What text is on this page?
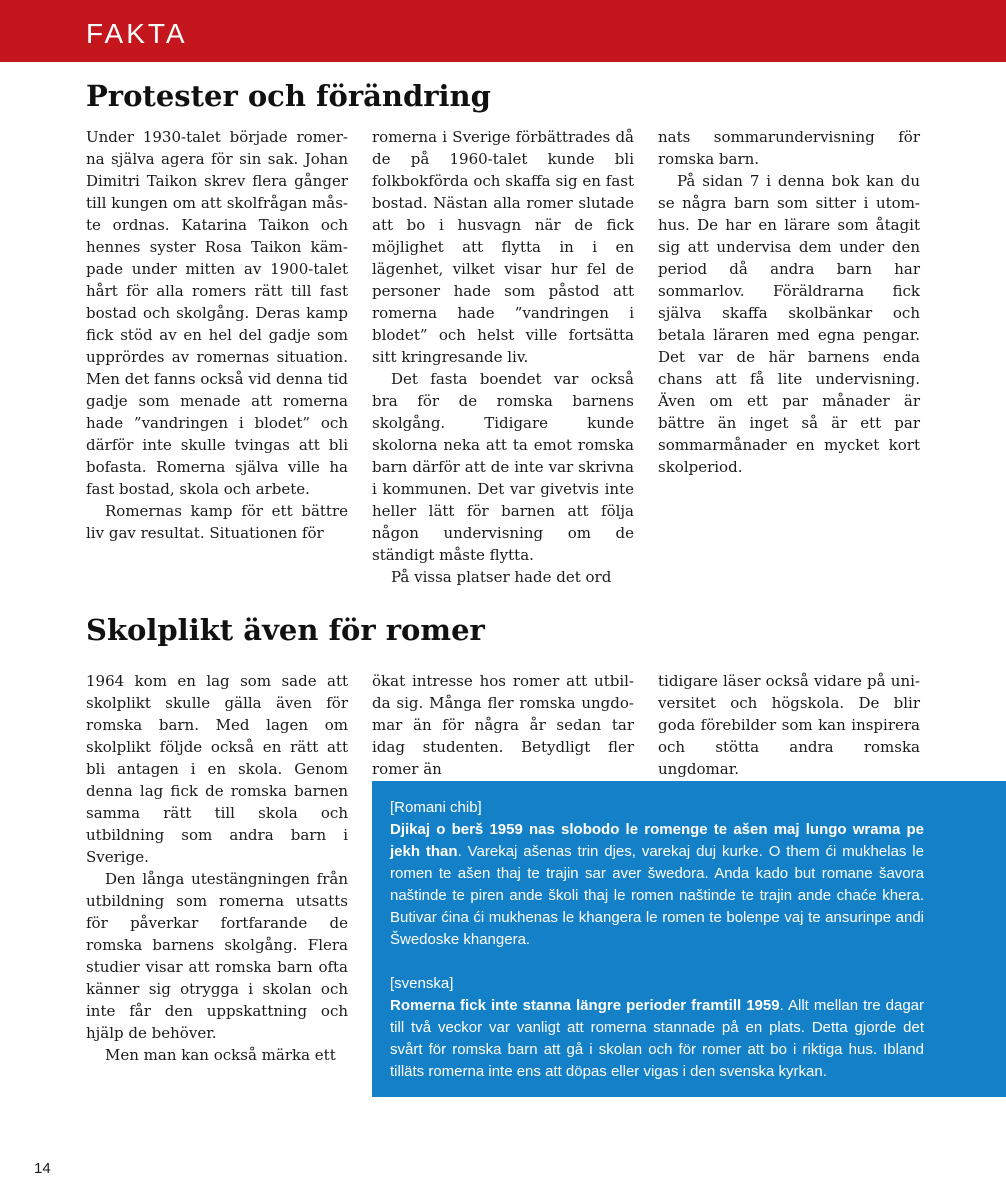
FAKTA
Protester och förändring

Under 1930-talet började romerna själva agera för sin sak. Johan Dimitri Taikon skrev flera gånger till kungen om att skolfrågan måste ordnas. Katarina Taikon och hennes syster Rosa Taikon kämpade under mitten av 1900-talet hårt för alla romers rätt till fast bostad och skolgång. Deras kamp fick stöd av en hel del gadje som upprördes av romernas situation. Men det fanns också vid denna tid gadje som menade att romerna hade ”vandringen i blodet” och därför inte skulle tvingas att bli bofasta. Romerna själva ville ha fast bostad, skola och arbete.

Romernas kamp för ett bättre liv gav resultat. Situationen för

romerna i Sverige förbättrades då de på 1960-talet kunde bli folkbokförda och skaffa sig en fast bostad. Nästan alla romer slutade att bo i husvagn när de fick möjlighet att flytta in i en lägenhet, vilket visar hur fel de personer hade som påstod att romerna hade ”vandringen i blodet” och helst ville fortsätta sitt kringresande liv.

Det fasta boendet var också bra för de romska barnens skolgång. Tidigare kunde skolorna neka att ta emot romska barn därför att de inte var skrivna i kommunen. Det var givetvis inte heller lätt för barnen att följa någon undervisning om de ständigt måste flytta.

På vissa platser hade det ord

nats sommarundervisning för romska barn.

På sidan 7 i denna bok kan du se några barn som sitter i utomhus. De har en lärare som åtagit sig att undervisa dem under den period då andra barn har sommarlov. Föräldrarna fick själva skaffa skolbänkar och betala läraren med egna pengar. Det var de här barnens enda chans att få lite undervisning. Även om ett par månader är bättre än inget så är ett par sommarmånader en mycket kort skolperiod.

Skolplikt även för romer

1964 kom en lag som sade att skolplikt skulle gälla även för romska barn. Med lagen om skolplikt följde också en rätt att bli antagen i en skola. Genom denna lag fick de romska barnen samma rätt till skola och utbildning som andra barn i Sverige.

Den långa utestängningen från utbildning som romerna utsatts för påverkar fortfarande de romska barnens skolgång. Flera studier visar att romska barn ofta känner sig otrygga i skolan och inte får den uppskattning och hjälp de behöver.

Men man kan också märka ett

ökat intresse hos romer att utbilda sig. Många fler romska ungdomar än för några år sedan tar idag studenten. Betydligt fler romer än

tidigare läser också vidare på universitet och högskola. De blir goda förebilder som kan inspirera och stötta andra romska ungdomar.

[Romani chib]

Djikaj o berš 1959 nas slobodo le romenge te ašen maj lungo wrama pe jekh than. Varekaj ašenas trin djes, varekaj duj kurke. O them ći mukhelas le romen te ašen thaj te trajin sar aver šwedora. Anda kado but romane šavora naštinde te piren ande školi thaj le romen naštinde te trajin ande chaće khera. Butivar ćina ći mukhenas le khangera le romen te bolenpe vaj te ansurinpe andi Šwedoske khangera.

[svenska]

Romerna fick inte stanna längre perioder framtill 1959. Allt mellan tre dagar till två veckor var vanligt att romerna stannade på en plats. Detta gjorde det svårt för romska barn att gå i skolan och för romer att bo i riktiga hus. Ibland tilläts romerna inte ens att döpas eller vigas i den svenska kyrkan.

14
